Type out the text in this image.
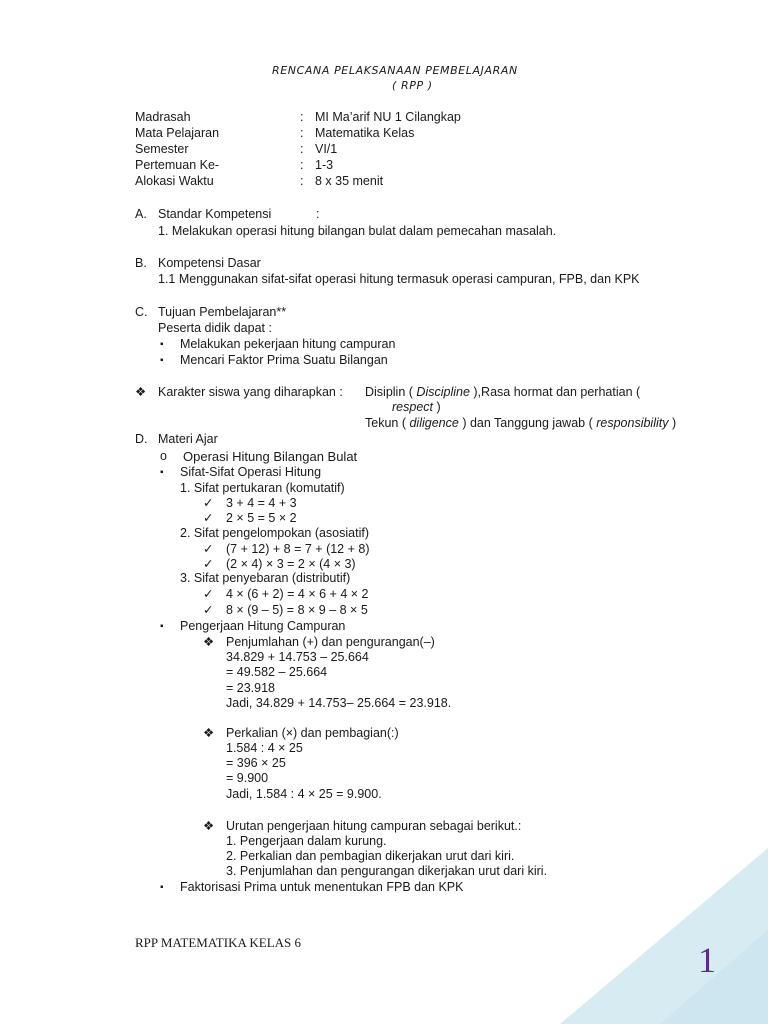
RENCANA PELAKSANAAN PEMBELAJARAN
( RPP )
Madrasah	: MI Ma’arif NU 1 Cilangkap
Mata Pelajaran	: Matematika Kelas
Semester	: VI/1
Pertemuan Ke-	: 1-3
Alokasi Waktu	: 8 x 35 menit
A. Standar Kompetensi	:
1. Melakukan operasi hitung bilangan bulat dalam pemecahan masalah.
B. Kompetensi Dasar
1.1 Menggunakan sifat-sifat operasi hitung termasuk operasi campuran, FPB, dan KPK
C. Tujuan Pembelajaran**
Peserta didik dapat :
▪ Melakukan pekerjaan hitung campuran
▪ Mencari Faktor Prima Suatu Bilangan
❖ Karakter siswa yang diharapkan : Disiplin ( Discipline ),Rasa hormat dan perhatian (
respect )
Tekun ( diligence ) dan Tanggung jawab ( responsibility )
D. Materi Ajar
o Operasi Hitung Bilangan Bulat
▪ Sifat-Sifat Operasi Hitung
1. Sifat pertukaran (komutatif)
✓ 3 + 4 = 4 + 3
✓ 2 × 5 = 5 × 2
2. Sifat pengelompokan (asosiatif)
✓ (7 + 12) + 8 = 7 + (12 + 8)
✓ (2 × 4) × 3 = 2 × (4 × 3)
3. Sifat penyebaran (distributif)
✓ 4 × (6 + 2) = 4 × 6 + 4 × 2
✓ 8 × (9 – 5) = 8 × 9 – 8 × 5
▪ Pengerjaan Hitung Campuran
❖ Penjumlahan (+) dan pengurangan(–)
34.829 + 14.753 – 25.664
= 49.582 – 25.664
= 23.918
Jadi, 34.829 + 14.753– 25.664 = 23.918.
❖ Perkalian (×) dan pembagian(:)
1.584 : 4 × 25
= 396 × 25
= 9.900
Jadi, 1.584 : 4 × 25 = 9.900.
❖ Urutan pengerjaan hitung campuran sebagai berikut.:
1. Pengerjaan dalam kurung.
2. Perkalian dan pembagian dikerjakan urut dari kiri.
3. Penjumlahan dan pengurangan dikerjakan urut dari kiri.
▪ Faktorisasi Prima untuk menentukan FPB dan KPK
RPP MATEMATIKA KELAS 6	1
